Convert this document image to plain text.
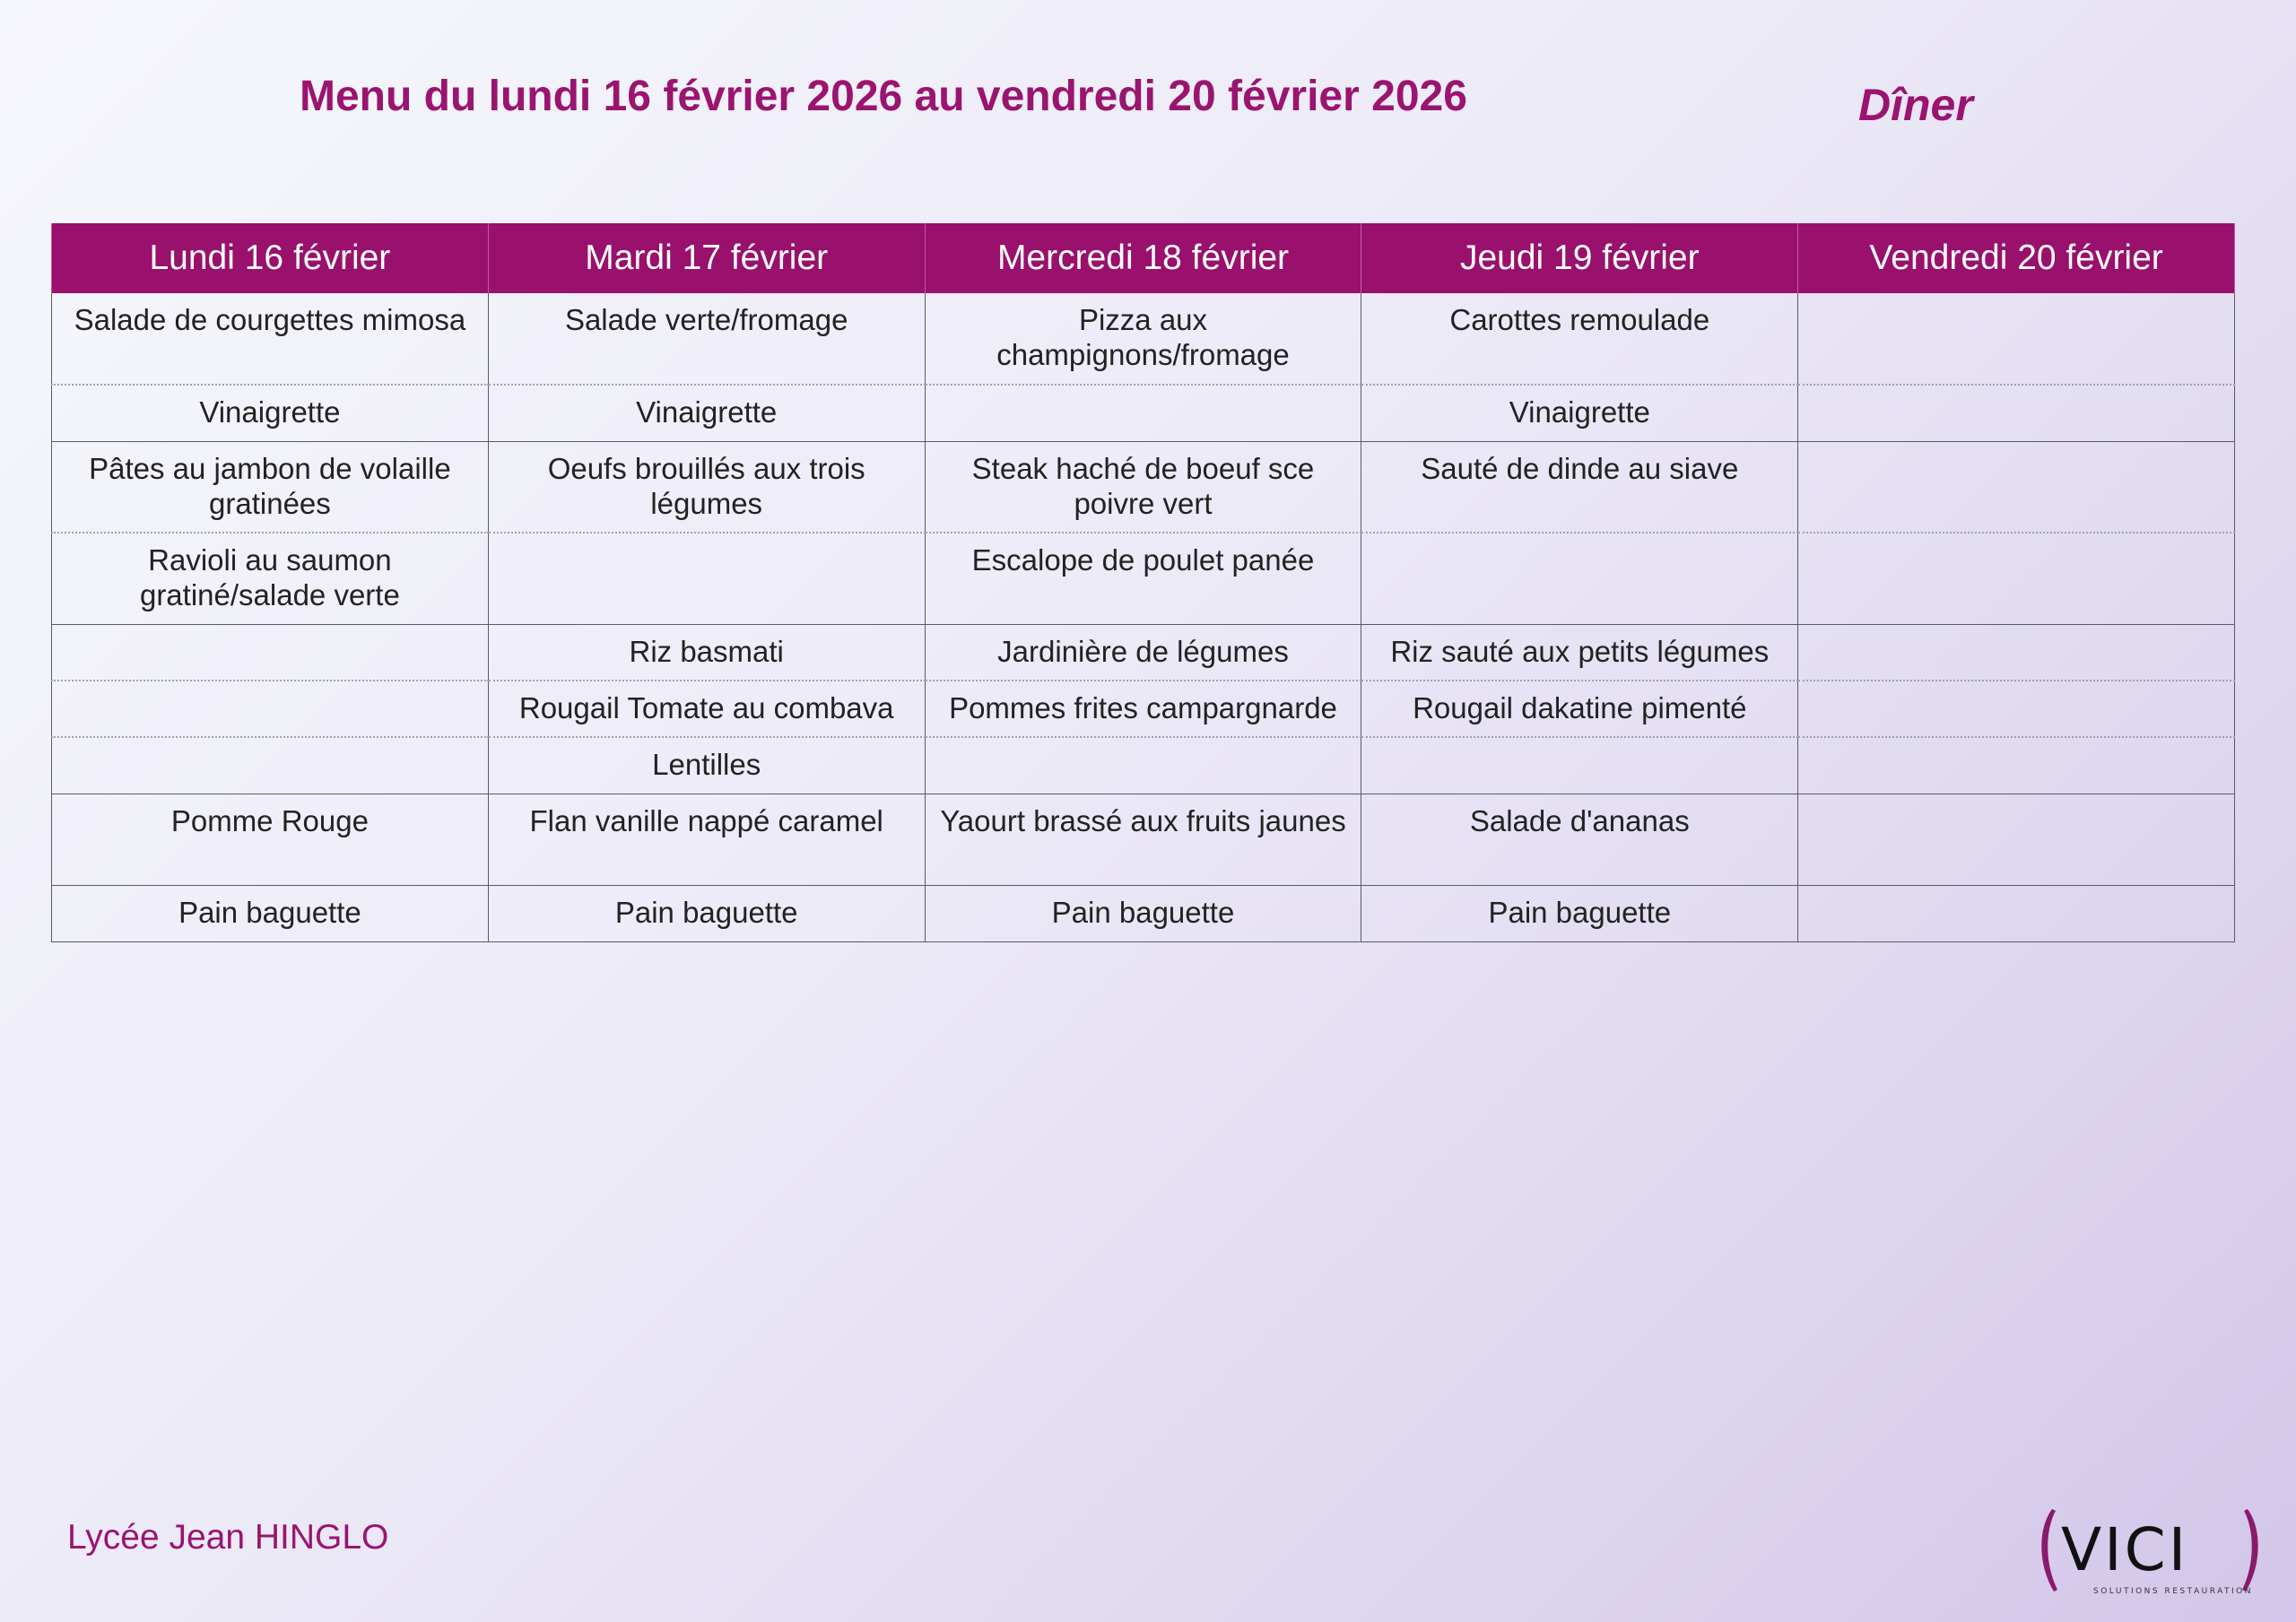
Menu du lundi 16 février 2026 au vendredi 20 février 2026	Dîner
Lundi 16 février	Mardi 17 février	Mercredi 18 février	Jeudi 19 février	Vendredi 20 février
Salade de courgettes mimosa	Salade verte/fromage	Pizza aux champignons/fromage	Carottes remoulade	
Vinaigrette	Vinaigrette		Vinaigrette	
Pâtes au jambon de volaille gratinées	Oeufs brouillés aux trois légumes	Steak haché de boeuf sce poivre vert	Sauté de dinde au siave	
Ravioli au saumon gratiné/salade verte		Escalope de poulet panée		
	Riz basmati	Jardinière de légumes	Riz sauté aux petits légumes	
	Rougail Tomate au combava	Pommes frites campargnarde	Rougail dakatine pimenté	
	Lentilles			
Pomme Rouge	Flan vanille nappé caramel	Yaourt brassé aux fruits jaunes	Salade d'ananas	
Pain baguette	Pain baguette	Pain baguette	Pain baguette	
Lycée Jean HINGLO	VICI
SOLUTIONS RESTAURATION
